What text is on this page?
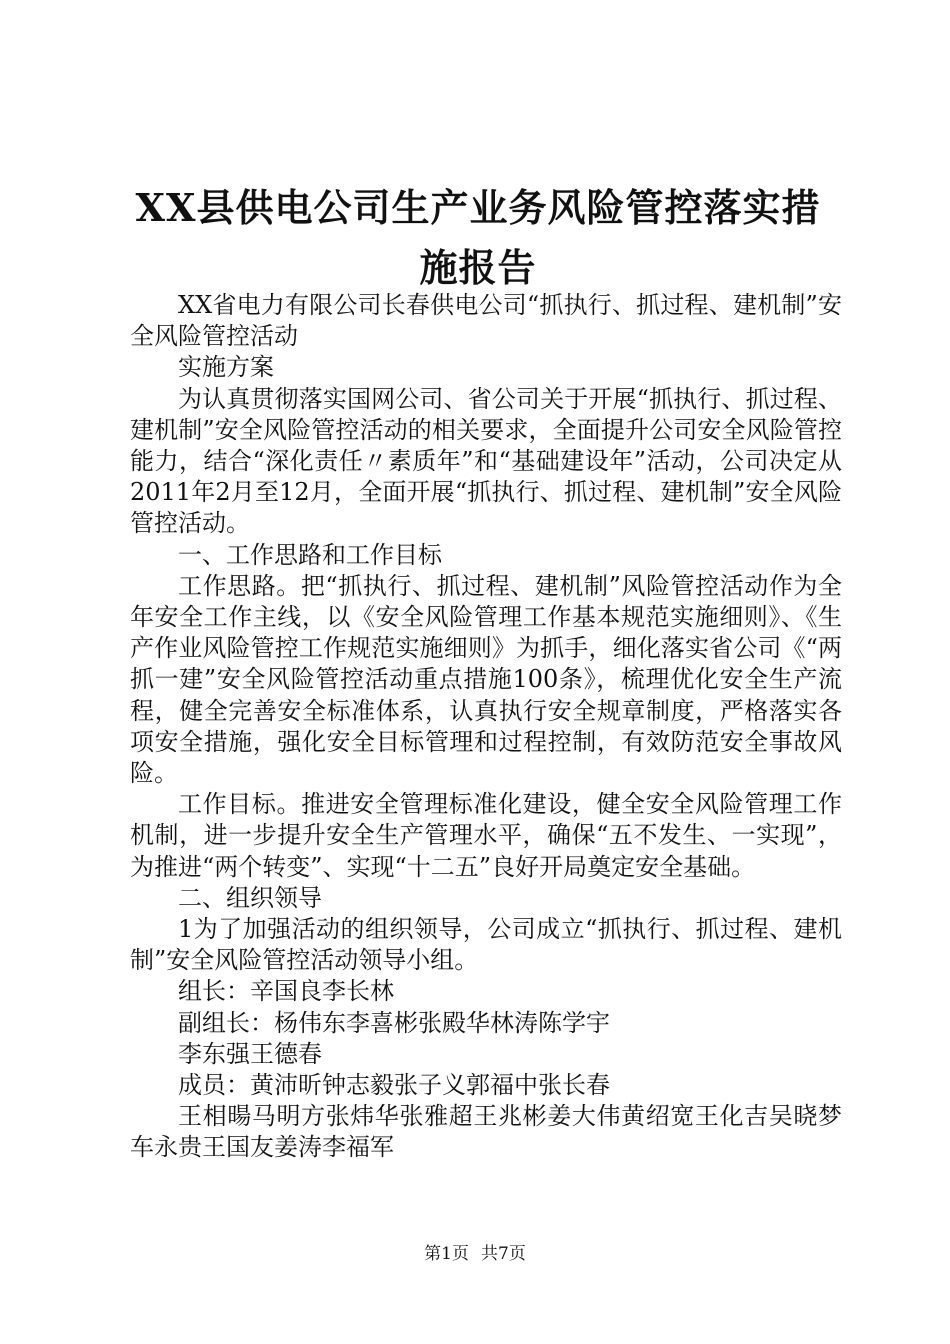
XX县供电公司生产业务风险管控落实措施报告

XX省电力有限公司长春供电公司“抓执行、抓过程、建机制”安全风险管控活动

实施方案

为认真贯彻落实国网公司、省公司关于开展“抓执行、抓过程、建机制”安全风险管控活动的相关要求，全面提升公司安全风险管控能力，结合“深化责任〃素质年”和“基础建设年”活动，公司决定从2011年2月至12月，全面开展“抓执行、抓过程、建机制”安全风险管控活动。

一、工作思路和工作目标

工作思路。把“抓执行、抓过程、建机制”风险管控活动作为全年安全工作主线，以《安全风险管理工作基本规范实施细则》、《生产作业风险管控工作规范实施细则》为抓手，细化落实省公司《“两抓一建”安全风险管控活动重点措施100条》，梳理优化安全生产流程，健全完善安全标准体系，认真执行安全规章制度，严格落实各项安全措施，强化安全目标管理和过程控制，有效防范安全事故风险。

工作目标。推进安全管理标准化建设，健全安全风险管理工作机制，进一步提升安全生产管理水平，确保“五不发生、一实现”，为推进“两个转变”、实现“十二五”良好开局奠定安全基础。

二、组织领导

1为了加强活动的组织领导，公司成立“抓执行、抓过程、建机制”安全风险管控活动领导小组。

组长：辛国良李长林

副组长：杨伟东李喜彬张殿华林涛陈学宇

李东强王德春

成员：黄沛昕钟志毅张子义郭福中张长春

王相暘马明方张炜华张雅超王兆彬姜大伟黄绍宽王化吉吴晓梦车永贵王国友姜涛李福军

第1页 共7页
